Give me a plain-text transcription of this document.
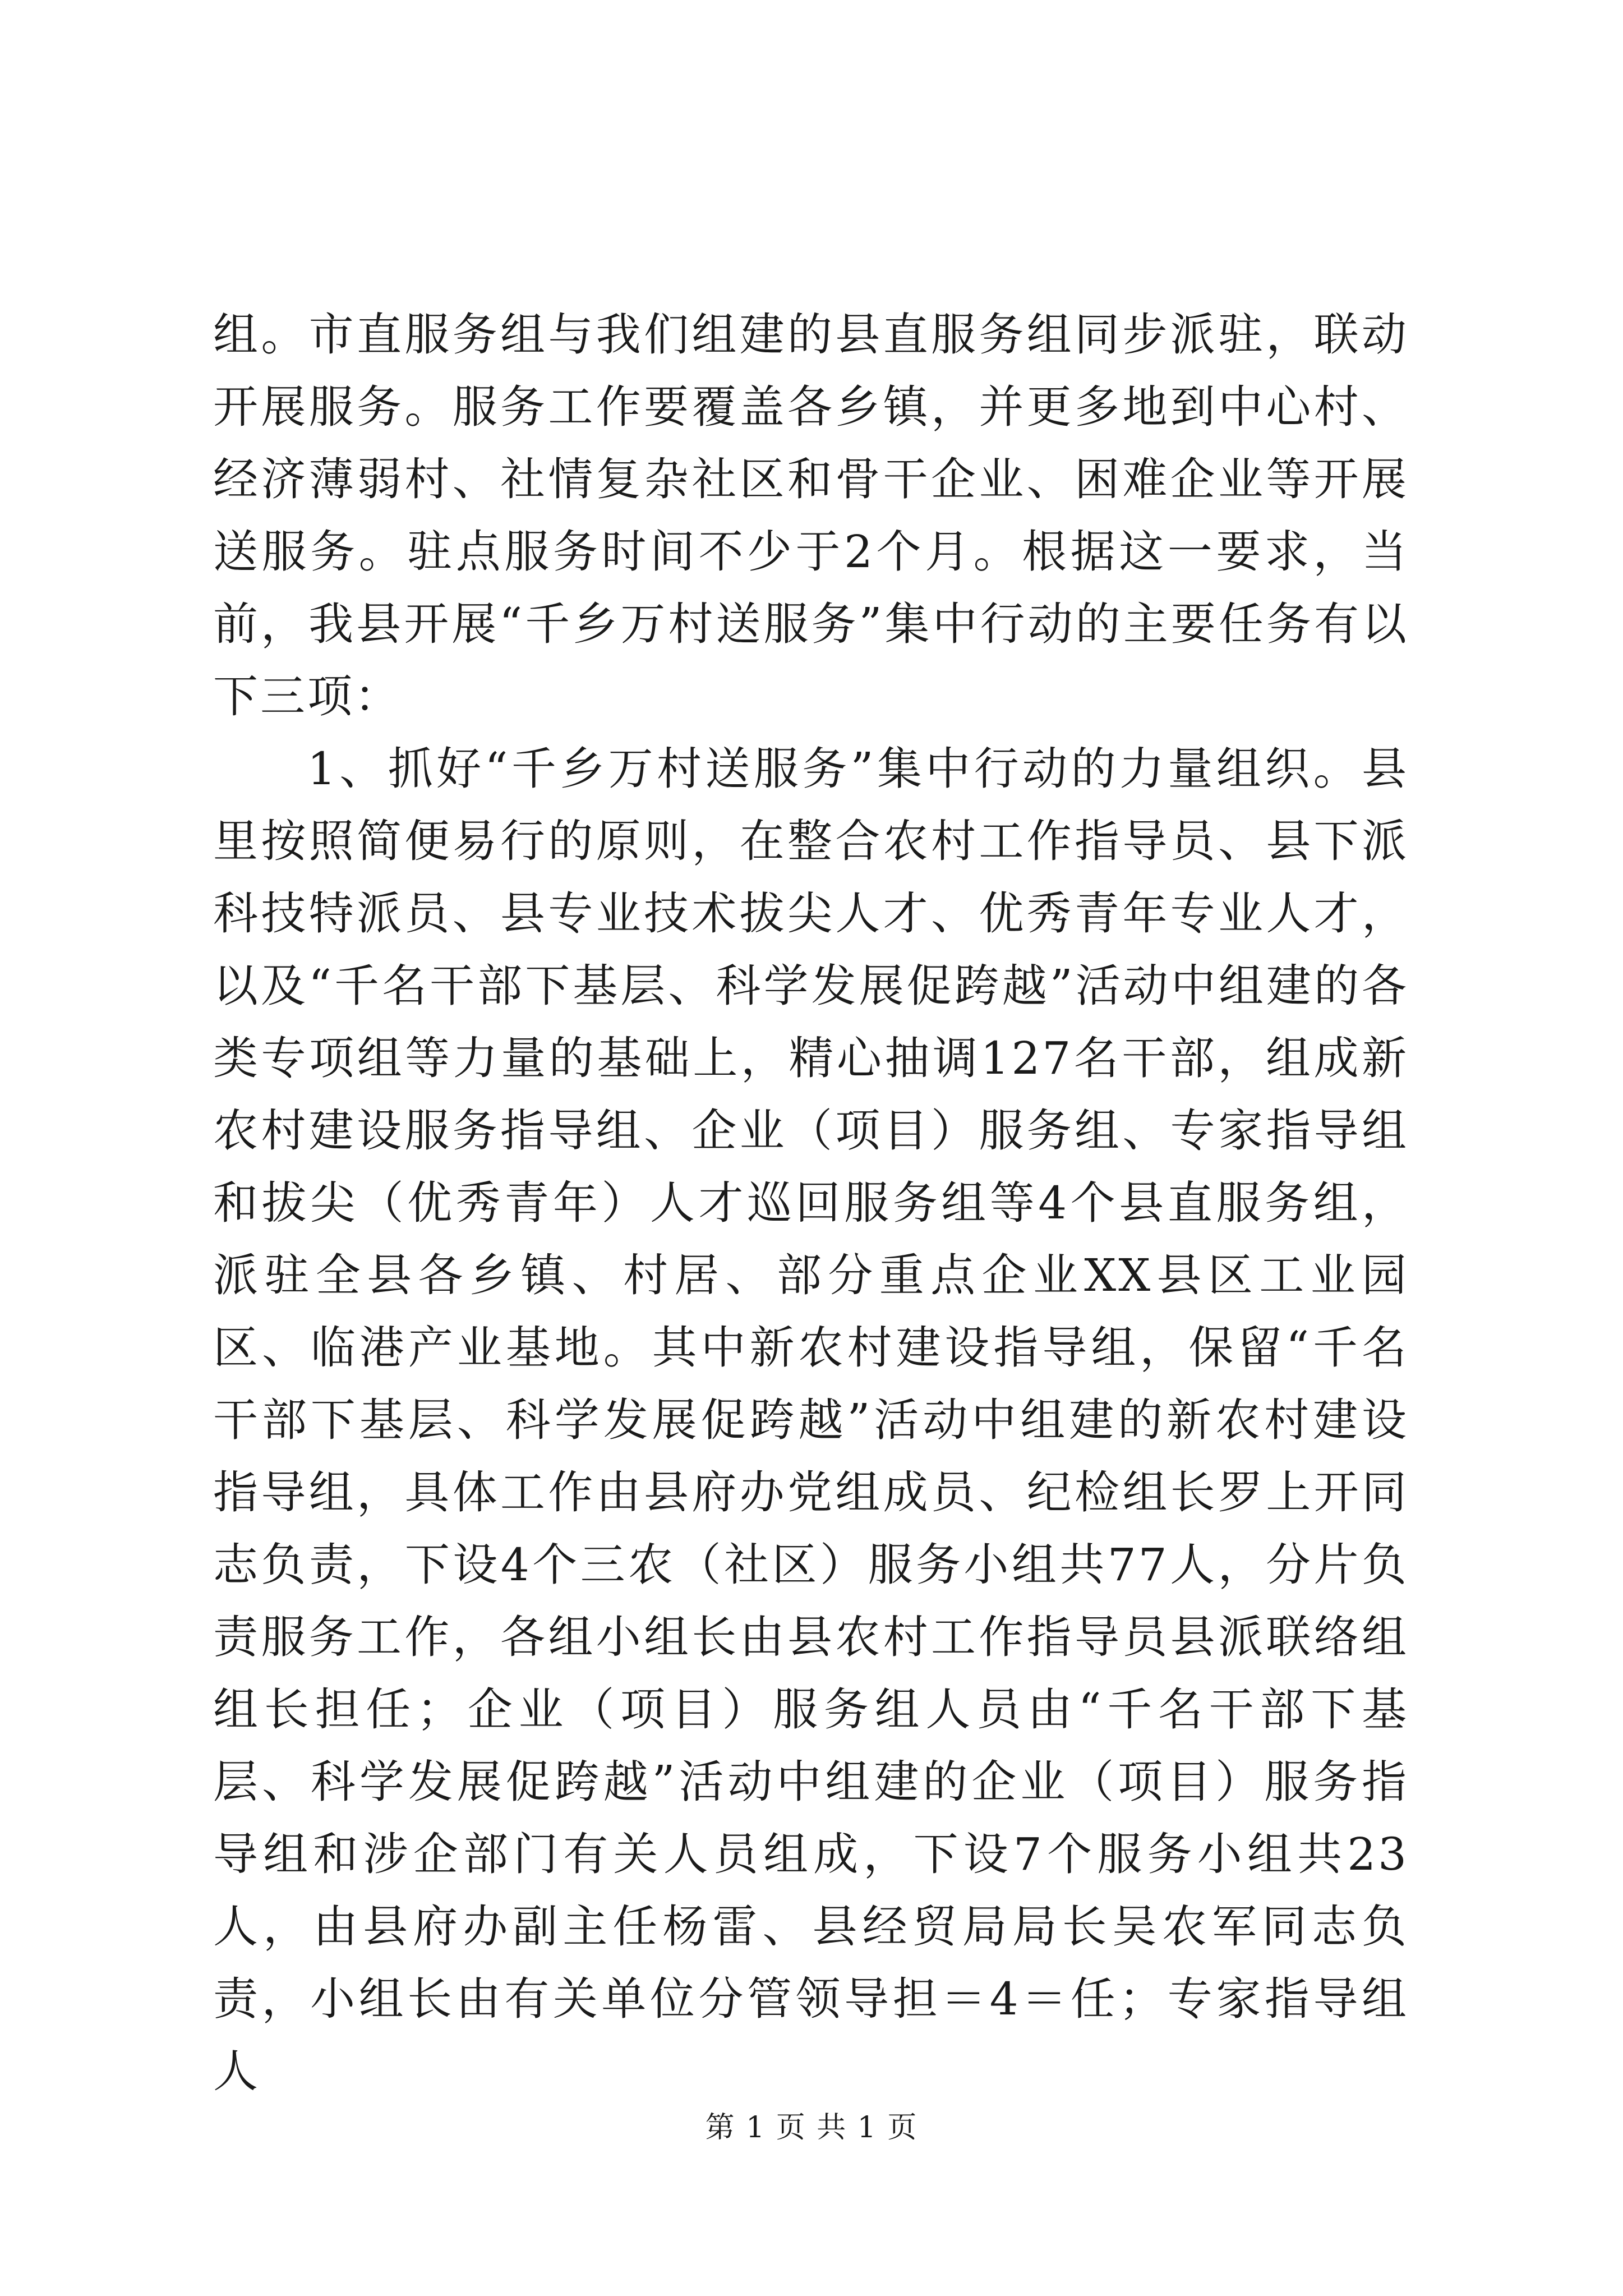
组。市直服务组与我们组建的县直服务组同步派驻，联动开展服务。服务工作要覆盖各乡镇，并更多地到中心村、经济薄弱村、社情复杂社区和骨干企业、困难企业等开展送服务。驻点服务时间不少于2个月。根据这一要求，当前，我县开展“千乡万村送服务”集中行动的主要任务有以下三项：

1、抓好“千乡万村送服务”集中行动的力量组织。县里按照简便易行的原则，在整合农村工作指导员、县下派科技特派员、县专业技术拔尖人才、优秀青年专业人才，以及“千名干部下基层、科学发展促跨越”活动中组建的各类专项组等力量的基础上，精心抽调127名干部，组成新农村建设服务指导组、企业（项目）服务组、专家指导组和拔尖（优秀青年）人才巡回服务组等4个县直服务组，派驻全县各乡镇、村居、部分重点企业XX县区工业园区、临港产业基地。其中新农村建设指导组，保留“千名干部下基层、科学发展促跨越”活动中组建的新农村建设指导组，具体工作由县府办党组成员、纪检组长罗上开同志负责，下设4个三农（社区）服务小组共77人，分片负责服务工作，各组小组长由县农村工作指导员县派联络组组长担任；企业（项目）服务组人员由“千名干部下基层、科学发展促跨越”活动中组建的企业（项目）服务指导组和涉企部门有关人员组成，下设7个服务小组共23人，由县府办副主任杨雷、县经贸局局长吴农军同志负责，小组长由有关单位分管领导担＝4＝任；专家指导组人

第 1 页 共 1 页
